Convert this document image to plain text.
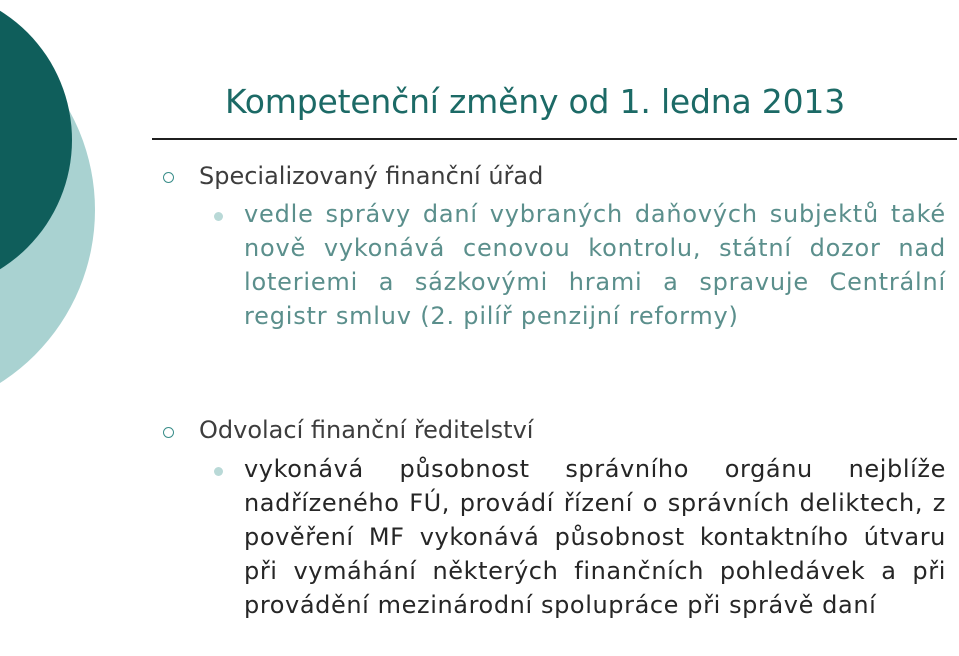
Kompetenční změny od 1. ledna 2013
Specializovaný finanční úřad
vedle správy daní vybraných daňových subjektů také nově vykonává cenovou kontrolu, státní dozor nad loteriemi a sázkovými hrami a spravuje Centrální registr smluv (2. pilíř penzijní reformy)
Odvolací finanční ředitelství
vykonává působnost správního orgánu nejblíže nadřízeného FÚ, provádí řízení o správních deliktech, z pověření MF vykonává působnost kontaktního útvaru při vymáhání některých finančních pohledávek a při provádění mezinárodní spolupráce při správě daní
